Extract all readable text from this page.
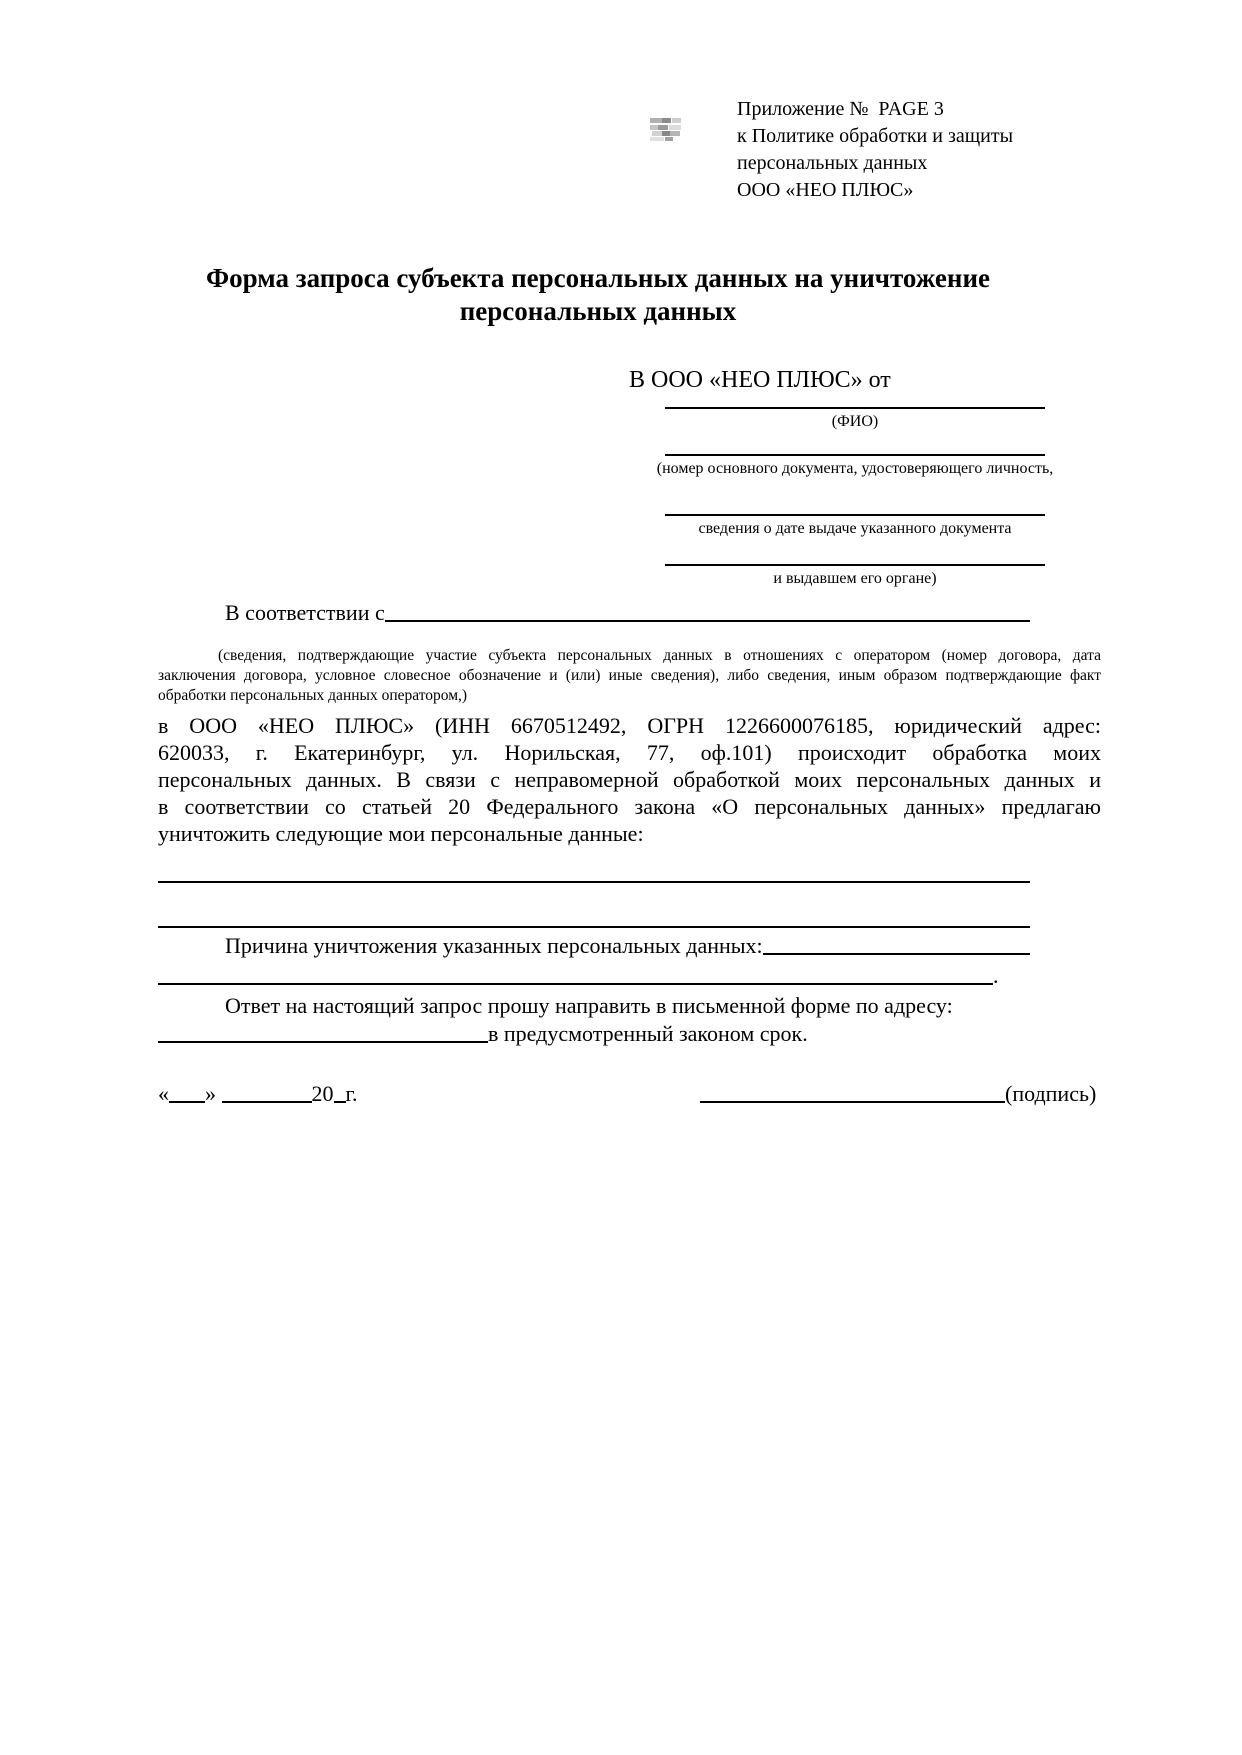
Приложение №  PAGE 3
к Политике обработки и защиты
персональных данных
ООО «НЕО ПЛЮС»
Форма запроса субъекта персональных данных на уничтожение
персональных данных
В ООО «НЕО ПЛЮС» от
(ФИО)
(номер основного документа, удостоверяющего личность,
сведения о дате выдаче указанного документа
и выдавшем его органе)
В соответствии с
(сведения, подтверждающие участие субъекта персональных данных в отношениях с оператором (номер договора, дата
заключения договора, условное словесное обозначение и (или) иные сведения), либо сведения, иным образом подтверждающие факт
обработки персональных данных оператором,)
в ООО «НЕО ПЛЮС» (ИНН 6670512492, ОГРН 1226600076185, юридический адрес:
620033, г. Екатеринбург, ул. Норильская, 77, оф.101) происходит обработка моих
персональных данных. В связи с неправомерной обработкой моих персональных данных и
в соответствии со статьей 20 Федерального закона «О персональных данных» предлагаю
уничтожить следующие мои персональные данные:
Причина уничтожения указанных персональных данных:
.
Ответ на настоящий запрос прошу направить в письменной форме по адресу:
в предусмотренный законом срок.
« »	20 г.	(подпись)
